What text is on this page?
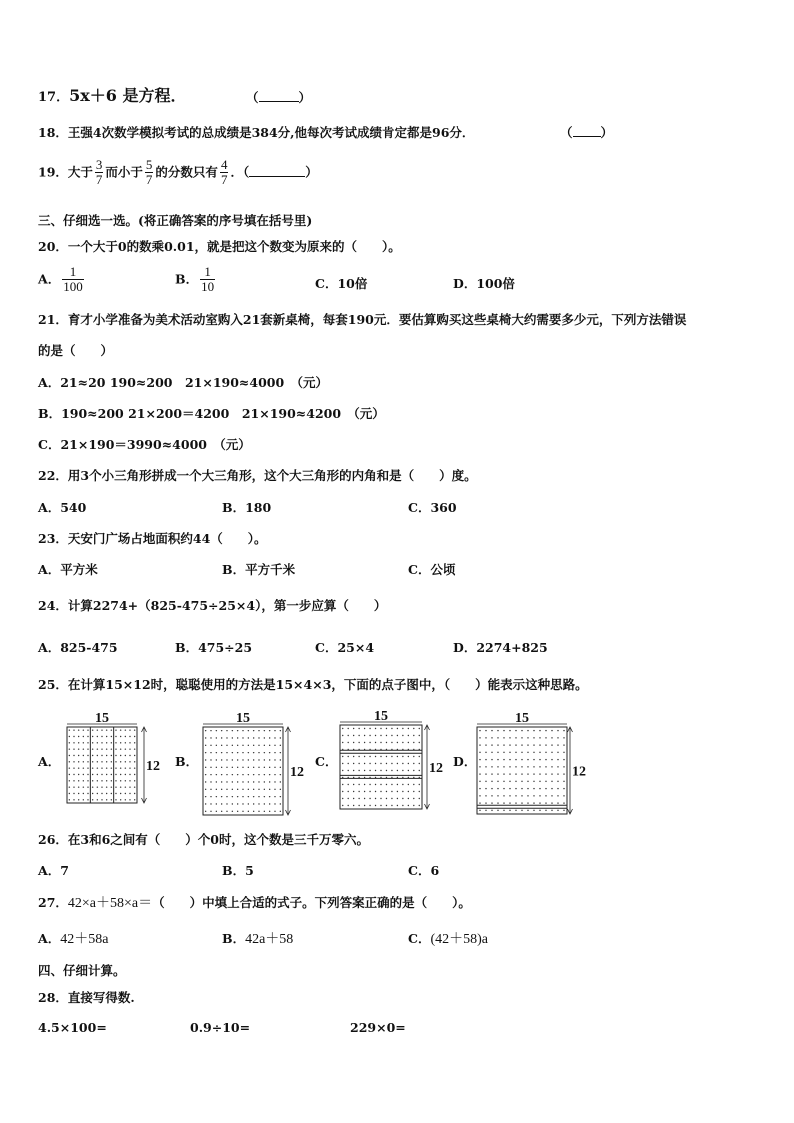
17．5x＋6 是方程．	（	）
18．王强4次数学模拟考试的总成绩是384分,他每次考试成绩肯定都是96分．	（ ）
19．大于 $\frac{3}{7}$ 而小于 $\frac{5}{7}$ 的分数只有 $\frac{4}{7}$ ．（	）
三、仔细选一选。(将正确答案的序号填在括号里)
20．一个大于0的数乘0.01，就是把这个数变为原来的（　　）。
A． $\frac{1}{100}$	B． $\frac{1}{10}$	C．10倍	D．100倍
21．育才小学准备为美术活动室购入21套新桌椅，每套190元．要估算购买这些桌椅大约需要多少元，下列方法错误
的是（　　）
A．21≈20 190≈200　21×190≈4000　（元）
B．190≈200 21×200＝4200　21×190≈4200　（元）
C．21×190＝3990≈4000　（元）
22．用3个小三角形拼成一个大三角形，这个大三角形的内角和是（　　）度。
A．540	B．180	C．360
23．天安门广场占地面积约44（　　）。
A．平方米	B．平方千米	C．公顷
24．计算2274+（825-475÷25×4），第一步应算（　　）
A．825-475	B．475÷25	C．25×4	D．2274+825
25．在计算15×12时，聪聪使用的方法是15×4×3，下面的点子图中，（　　）能表示这种思路。
A．
15
12 B．
15
12
C．
15
12 D．
15
12
26．在3和6之间有（　　）个0时，这个数是三千万零六。
A．7	B．5	C．6
27．42×a＋58×a＝（　　）中填上合适的式子。下列答案正确的是（　　）。
A．42＋58a	B．42a＋58	C．(42＋58)a
四、仔细计算。
28．直接写得数.
4.5×100=	0.9÷10=	229×0=
